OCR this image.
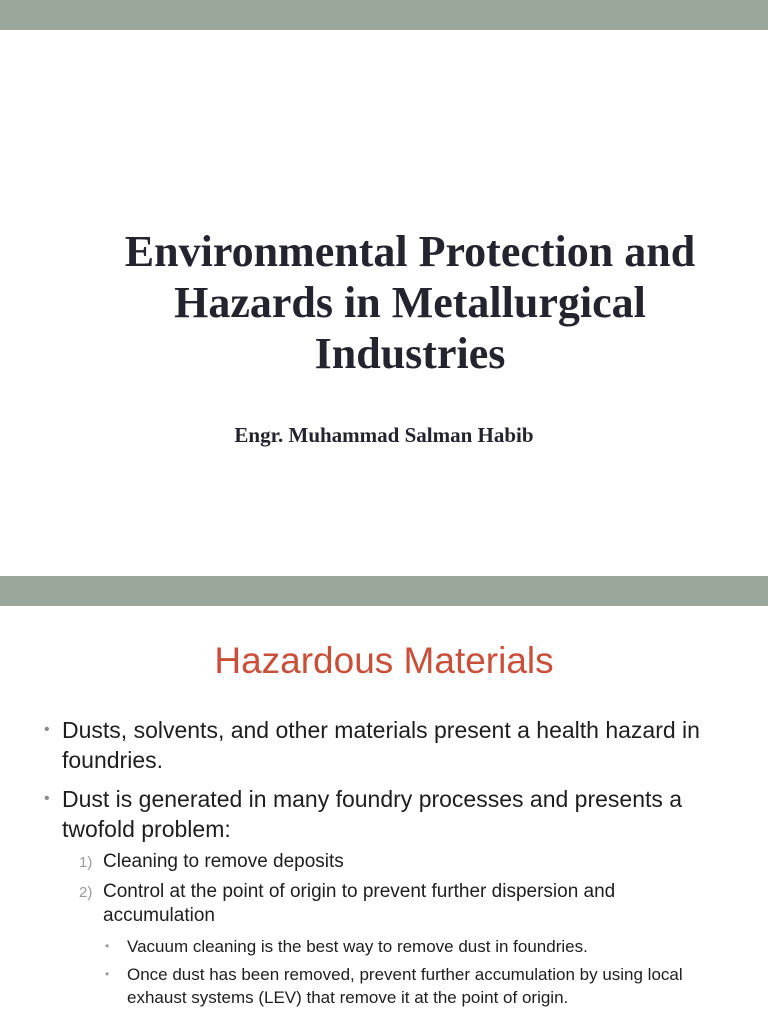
Environmental Protection and
Hazards in Metallurgical
Industries
Engr. Muhammad Salman Habib
Hazardous Materials
• Dusts, solvents, and other materials present a health hazard in foundries.
• Dust is generated in many foundry processes and presents a twofold problem:
1) Cleaning to remove deposits
2) Control at the point of origin to prevent further dispersion and accumulation
• Vacuum cleaning is the best way to remove dust in foundries.
• Once dust has been removed, prevent further accumulation by using local exhaust systems (LEV) that remove it at the point of origin.
